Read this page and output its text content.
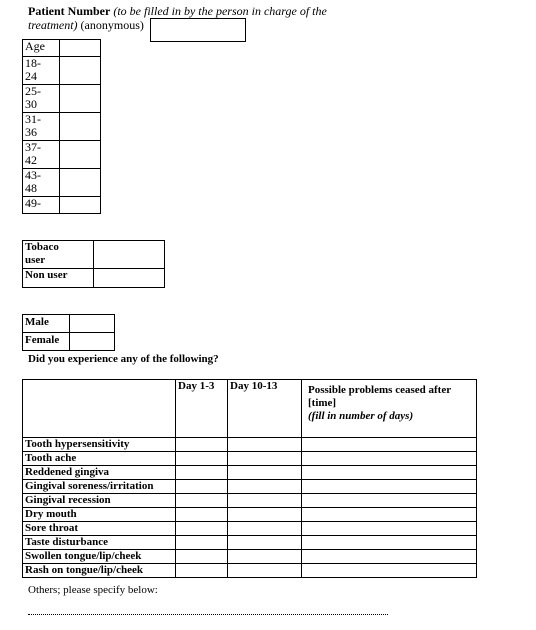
Patient Number (to be filled in by the person in charge of the treatment) (anonymous)
Age	
18-
24	
25-
30	
31-
36	
37-
42	
43-
48	
49-	
Tobaco
user	
Non user	
Male	
Female	
Did you experience any of the following?
	Day 1-3	Day 10-13	Possible problems ceased after [time]
(fill in number of days)

Tooth hypersensitivity			
Tooth ache			
Reddened gingiva			
Gingival soreness/irritation			
Gingival recession			
Dry mouth			
Sore throat			
Taste disturbance			
Swollen tongue/lip/cheek			
Rash on tongue/lip/cheek			
Others; please specify below:
